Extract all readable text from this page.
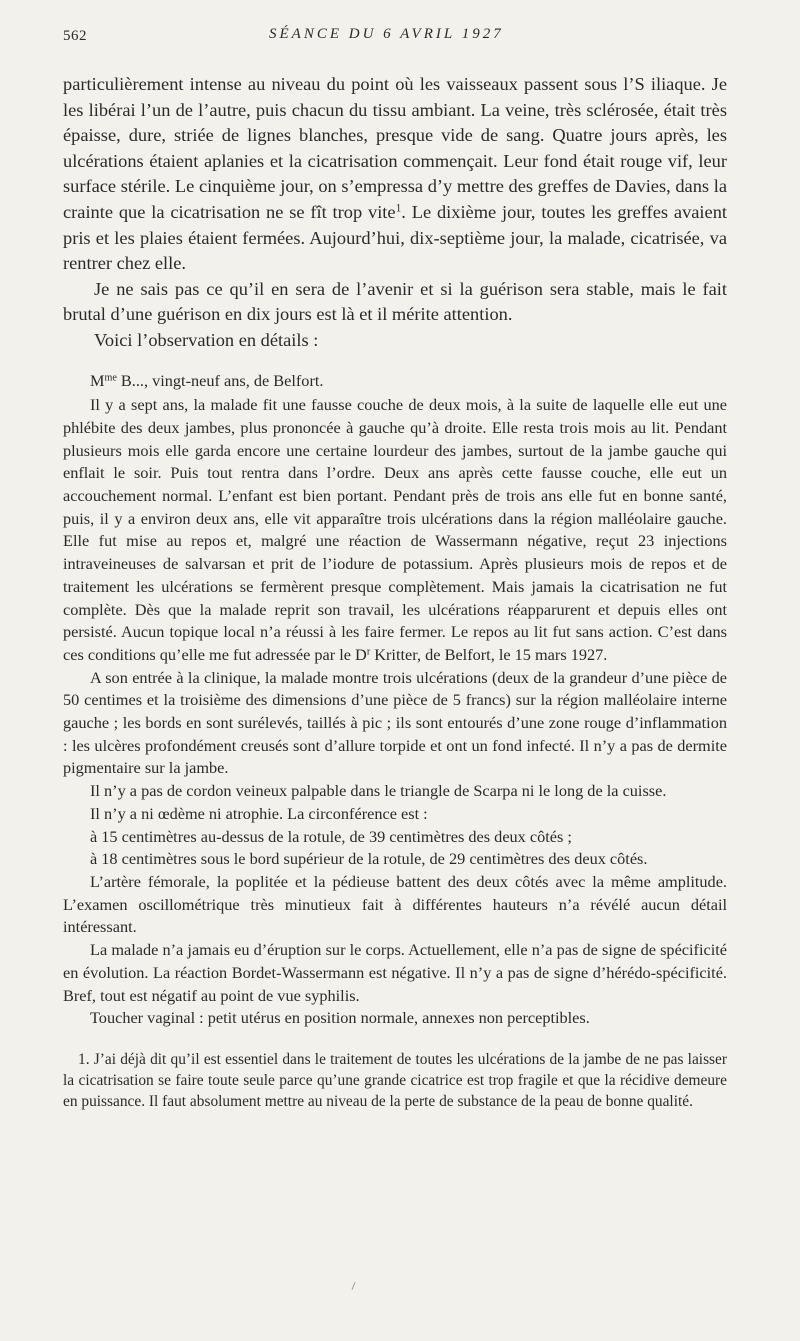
562	SÉANCE DU 6 AVRIL 1927

particulièrement intense au niveau du point où les vaisseaux passent sous l’S iliaque. Je les libérai l’un de l’autre, puis chacun du tissu ambiant. La veine, très sclérosée, était très épaisse, dure, striée de lignes blanches, presque vide de sang. Quatre jours après, les ulcérations étaient aplanies et la cicatrisation commençait. Leur fond était rouge vif, leur surface stérile. Le cinquième jour, on s’empressa d’y mettre des greffes de Davies, dans la crainte que la cicatrisation ne se fît trop vite$^1$. Le dixième jour, toutes les greffes avaient pris et les plaies étaient fermées. Aujourd’hui, dix-septième jour, la malade, cicatrisée, va rentrer chez elle.

Je ne sais pas ce qu’il en sera de l’avenir et si la guérison sera stable, mais le fait brutal d’une guérison en dix jours est là et il mérite attention.

Voici l’observation en détails :

$M^{me}$ B..., vingt-neuf ans, de Belfort.

Il y a sept ans, la malade fit une fausse couche de deux mois, à la suite de laquelle elle eut une phlébite des deux jambes, plus prononcée à gauche qu’à droite. Elle resta trois mois au lit. Pendant plusieurs mois elle garda encore une certaine lourdeur des jambes, surtout de la jambe gauche qui enflait le soir. Puis tout rentra dans l’ordre. Deux ans après cette fausse couche, elle eut un accouchement normal. L’enfant est bien portant. Pendant près de trois ans elle fut en bonne santé, puis, il y a environ deux ans, elle vit apparaître trois ulcérations dans la région malléolaire gauche. Elle fut mise au repos et, malgré une réaction de Wassermann négative, reçut 23 injections intraveineuses de salvarsan et prit de l’iodure de potassium. Après plusieurs mois de repos et de traitement les ulcérations se fermèrent presque complètement. Mais jamais la cicatrisation ne fut complète. Dès que la malade reprit son travail, les ulcérations réapparurent et depuis elles ont persisté. Aucun topique local n’a réussi à les faire fermer. Le repos au lit fut sans action. C’est dans ces conditions qu’elle me fut adressée par le $D^r$ Kritter, de Belfort, le 15 mars 1927.

A son entrée à la clinique, la malade montre trois ulcérations (deux de la grandeur d’une pièce de 50 centimes et la troisième des dimensions d’une pièce de 5 francs) sur la région malléolaire interne gauche ; les bords en sont surélevés, taillés à pic ; ils sont entourés d’une zone rouge d’inflammation : les ulcères profondément creusés sont d’allure torpide et ont un fond infecté. Il n’y a pas de dermite pigmentaire sur la jambe.

Il n’y a pas de cordon veineux palpable dans le triangle de Scarpa ni le long de la cuisse.

Il n’y a ni œdème ni atrophie. La circonférence est :

à 15 centimètres au-dessus de la rotule, de 39 centimètres des deux côtés ;

à 18 centimètres sous le bord supérieur de la rotule, de 29 centimètres des deux côtés.

L’artère fémorale, la poplitée et la pédieuse battent des deux côtés avec la même amplitude. L’examen oscillométrique très minutieux fait à différentes hauteurs n’a révélé aucun détail intéressant.

La malade n’a jamais eu d’éruption sur le corps. Actuellement, elle n’a pas de signe de spécificité en évolution. La réaction Bordet-Wassermann est négative. Il n’y a pas de signe d’hérédo-spécificité. Bref, tout est négatif au point de vue syphilis.

Toucher vaginal : petit utérus en position normale, annexes non perceptibles.

1. J’ai déjà dit qu’il est essentiel dans le traitement de toutes les ulcérations de la jambe de ne pas laisser la cicatrisation se faire toute seule parce qu’une grande cicatrice est trop fragile et que la récidive demeure en puissance. Il faut absolument mettre au niveau de la perte de substance de la peau de bonne qualité.
